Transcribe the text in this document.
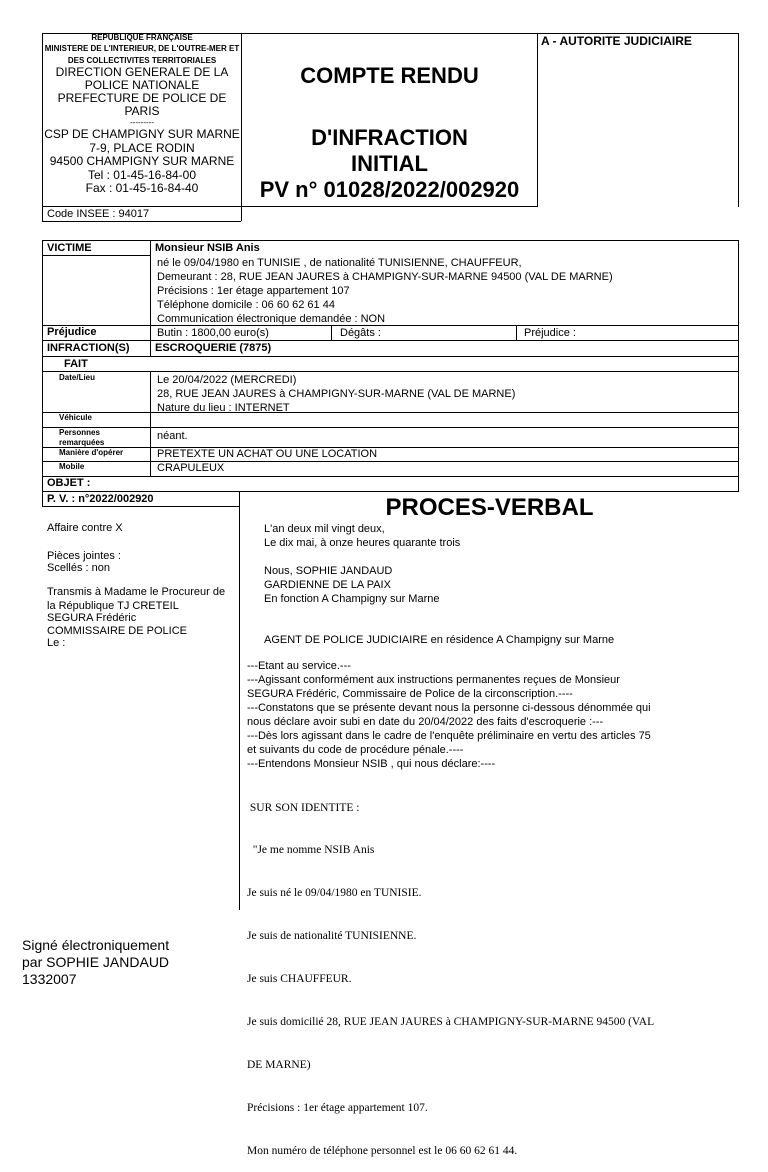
REPUBLIQUE FRANÇAISE
MINISTERE DE L'INTERIEUR, DE L'OUTRE-MER ET
DES COLLECTIVITES TERRITORIALES
DIRECTION GENERALE DE LA
POLICE NATIONALE
PREFECTURE DE POLICE DE
PARIS
---------
CSP DE CHAMPIGNY SUR MARNE
7-9, PLACE RODIN
94500 CHAMPIGNY SUR MARNE
Tel : 01-45-16-84-00
Fax : 01-45-16-84-40
Code INSEE : 94017
COMPTE RENDU
D'INFRACTION
INITIAL
PV n° 01028/2022/002920
A - AUTORITE JUDICIAIRE
VICTIME	Monsieur NSIB Anis
né le 09/04/1980 en TUNISIE , de nationalité TUNISIENNE, CHAUFFEUR,
Demeurant : 28, RUE JEAN JAURES à CHAMPIGNY-SUR-MARNE 94500 (VAL DE MARNE)
Précisions : 1er étage appartement 107
Téléphone domicile : 06 60 62 61 44
Communication électronique demandée : NON
Préjudice	Butin : 1800,00 euro(s)	Dégâts :	Préjudice :
INFRACTION(S) ESCROQUERIE (7875)
FAIT
Date/Lieu	Le 20/04/2022 (MERCREDI)
28, RUE JEAN JAURES à CHAMPIGNY-SUR-MARNE (VAL DE MARNE)
Nature du lieu : INTERNET
Véhicule
Personnes
remarquées	néant.
Manière d'opérer	PRETEXTE UN ACHAT OU UNE LOCATION
Mobile	CRAPULEUX
OBJET :
P. V. : n°2022/002920
Affaire contre X
Pièces jointes :
Scellés : non
Transmis à Madame le Procureur de
la République TJ CRETEIL
SEGURA Frédéric
COMMISSAIRE DE POLICE
Le :
PROCES-VERBAL
L'an deux mil vingt deux,
Le dix mai, à onze heures quarante trois
Nous, SOPHIE JANDAUD
GARDIENNE DE LA PAIX
En fonction A Champigny sur Marne
AGENT DE POLICE JUDICIAIRE en résidence A Champigny sur Marne
---Etant au service.---
---Agissant conformément aux instructions permanentes reçues de Monsieur
SEGURA Frédéric, Commissaire de Police de la circonscription.----
---Constatons que se présente devant nous la personne ci-dessous dénommée qui
nous déclare avoir subi en date du 20/04/2022 des faits d'escroquerie :---
---Dès lors agissant dans le cadre de l'enquête préliminaire en vertu des articles 75
et suivants du code de procédure pénale.----
---Entendons Monsieur NSIB , qui nous déclare:----

SUR SON IDENTITE :

"Je me nomme NSIB Anis

Je suis né le 09/04/1980 en TUNISIE.

Je suis de nationalité TUNISIENNE.

Je suis CHAUFFEUR.

Je suis domicilié 28, RUE JEAN JAURES à CHAMPIGNY-SUR-MARNE 94500 (VAL

DE MARNE)

Précisions : 1er étage appartement 107.

Mon numéro de téléphone personnel est le 06 60 62 61 44.

Signé électroniquement
par SOPHIE JANDAUD
1332007
